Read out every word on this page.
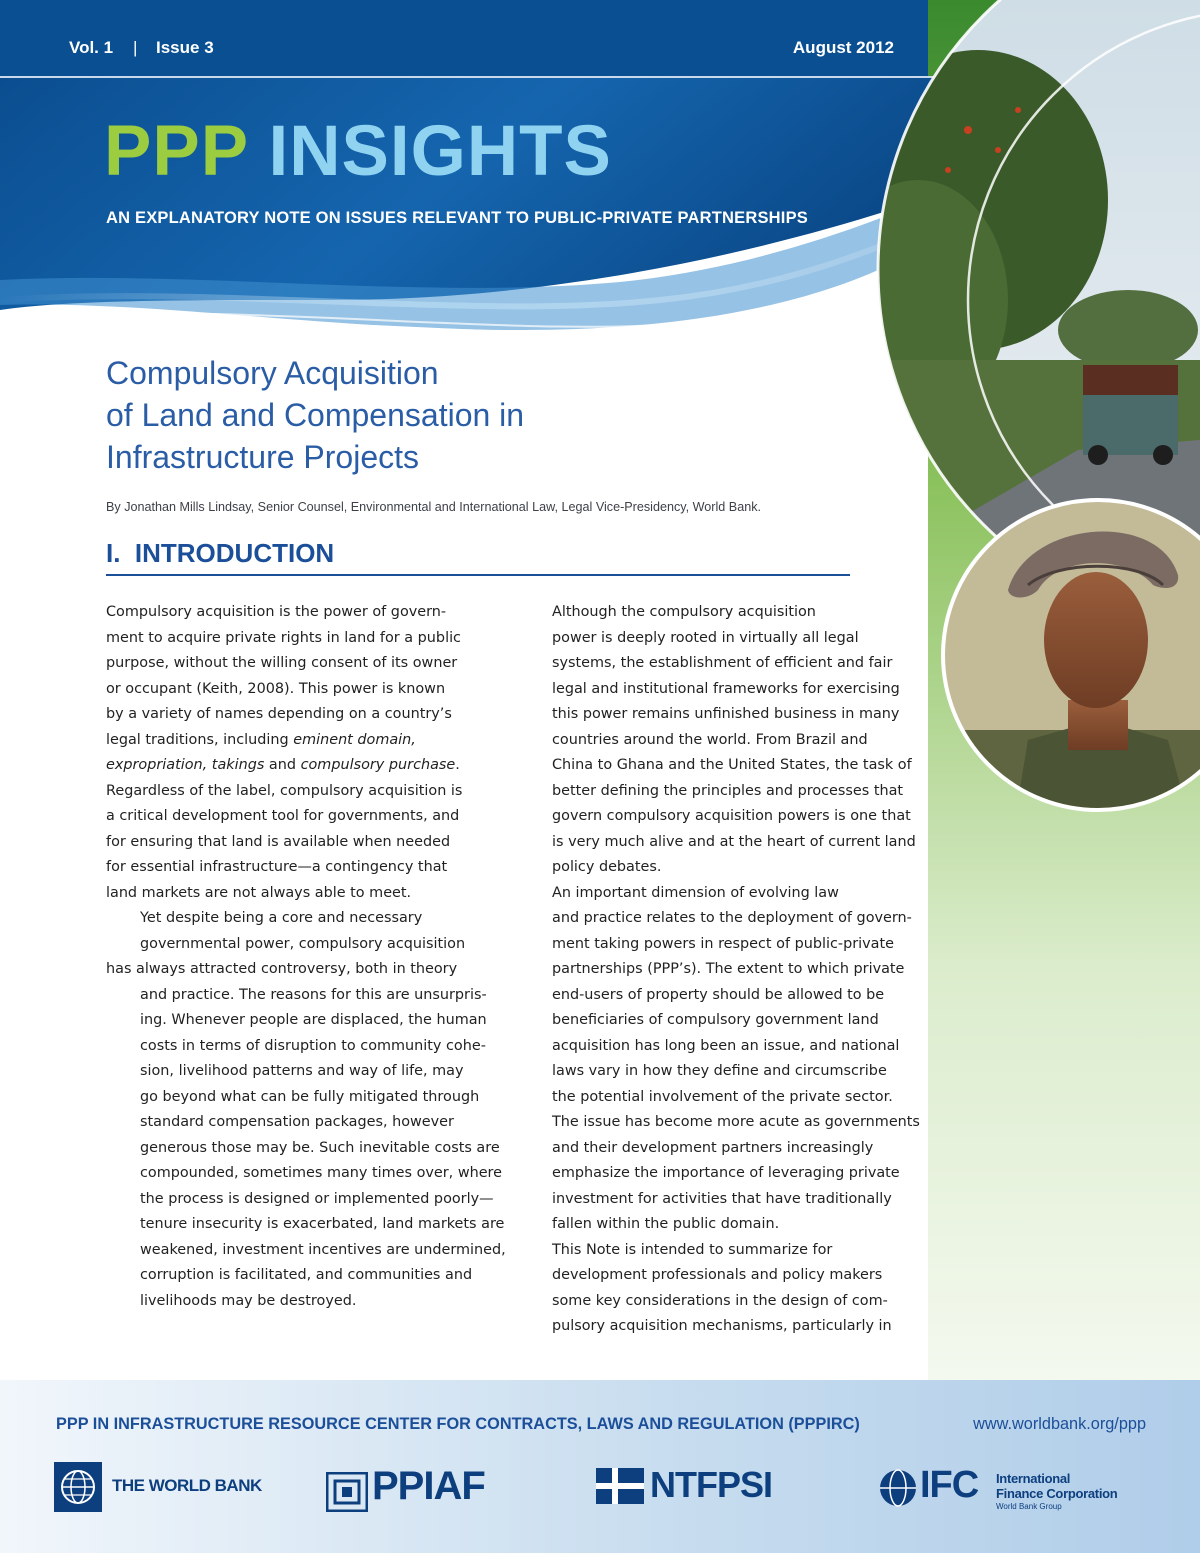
Vol. 1 | Issue 3	August 2012
PPP INSIGHTS
AN EXPLANATORY NOTE ON ISSUES RELEVANT TO PUBLIC-PRIVATE PARTNERSHIPS
Compulsory Acquisition
of Land and Compensation in
Infrastructure Projects
By Jonathan Mills Lindsay, Senior Counsel, Environmental and International Law, Legal Vice-Presidency, World Bank.
I.  INTRODUCTION

Compulsory acquisition is the power of govern-
ment to acquire private rights in land for a public
purpose, without the willing consent of its owner
or occupant (Keith, 2008). This power is known
by a variety of names depending on a country’s
legal traditions, including eminent domain,
expropriation, takings and compulsory purchase.
Regardless of the label, compulsory acquisition is
a critical development tool for governments, and
for ensuring that land is available when needed
for essential infrastructure—a contingency that
land markets are not always able to meet.

Yet despite being a core and necessary
governmental power, compulsory acquisition
has always attracted controversy, both in theory
and practice. The reasons for this are unsurpris-
ing. Whenever people are displaced, the human
costs in terms of disruption to community cohe-
sion, livelihood patterns and way of life, may
go beyond what can be fully mitigated through
standard compensation packages, however
generous those may be. Such inevitable costs are
compounded, sometimes many times over, where
the process is designed or implemented poorly—
tenure insecurity is exacerbated, land markets are
weakened, investment incentives are undermined,
corruption is facilitated, and communities and
livelihoods may be destroyed.

Although the compulsory acquisition
power is deeply rooted in virtually all legal
systems, the establishment of efficient and fair
legal and institutional frameworks for exercising
this power remains unfinished business in many
countries around the world. From Brazil and
China to Ghana and the United States, the task of
better defining the principles and processes that
govern compulsory acquisition powers is one that
is very much alive and at the heart of current land
policy debates.

An important dimension of evolving law
and practice relates to the deployment of govern-
ment taking powers in respect of public-private
partnerships (PPP’s). The extent to which private
end-users of property should be allowed to be
beneficiaries of compulsory government land
acquisition has long been an issue, and national
laws vary in how they define and circumscribe
the potential involvement of the private sector.
The issue has become more acute as governments
and their development partners increasingly
emphasize the importance of leveraging private
investment for activities that have traditionally
fallen within the public domain.

This Note is intended to summarize for
development professionals and policy makers
some key considerations in the design of com-
pulsory acquisition mechanisms, particularly in

PPP IN INFRASTRUCTURE RESOURCE CENTER FOR CONTRACTS, LAWS AND REGULATION (PPPIRC)	www.worldbank.org/ppp
THE WORLD BANK	PPIAF	NTFPSI	IFC International
Finance Corporation
World Bank Group
